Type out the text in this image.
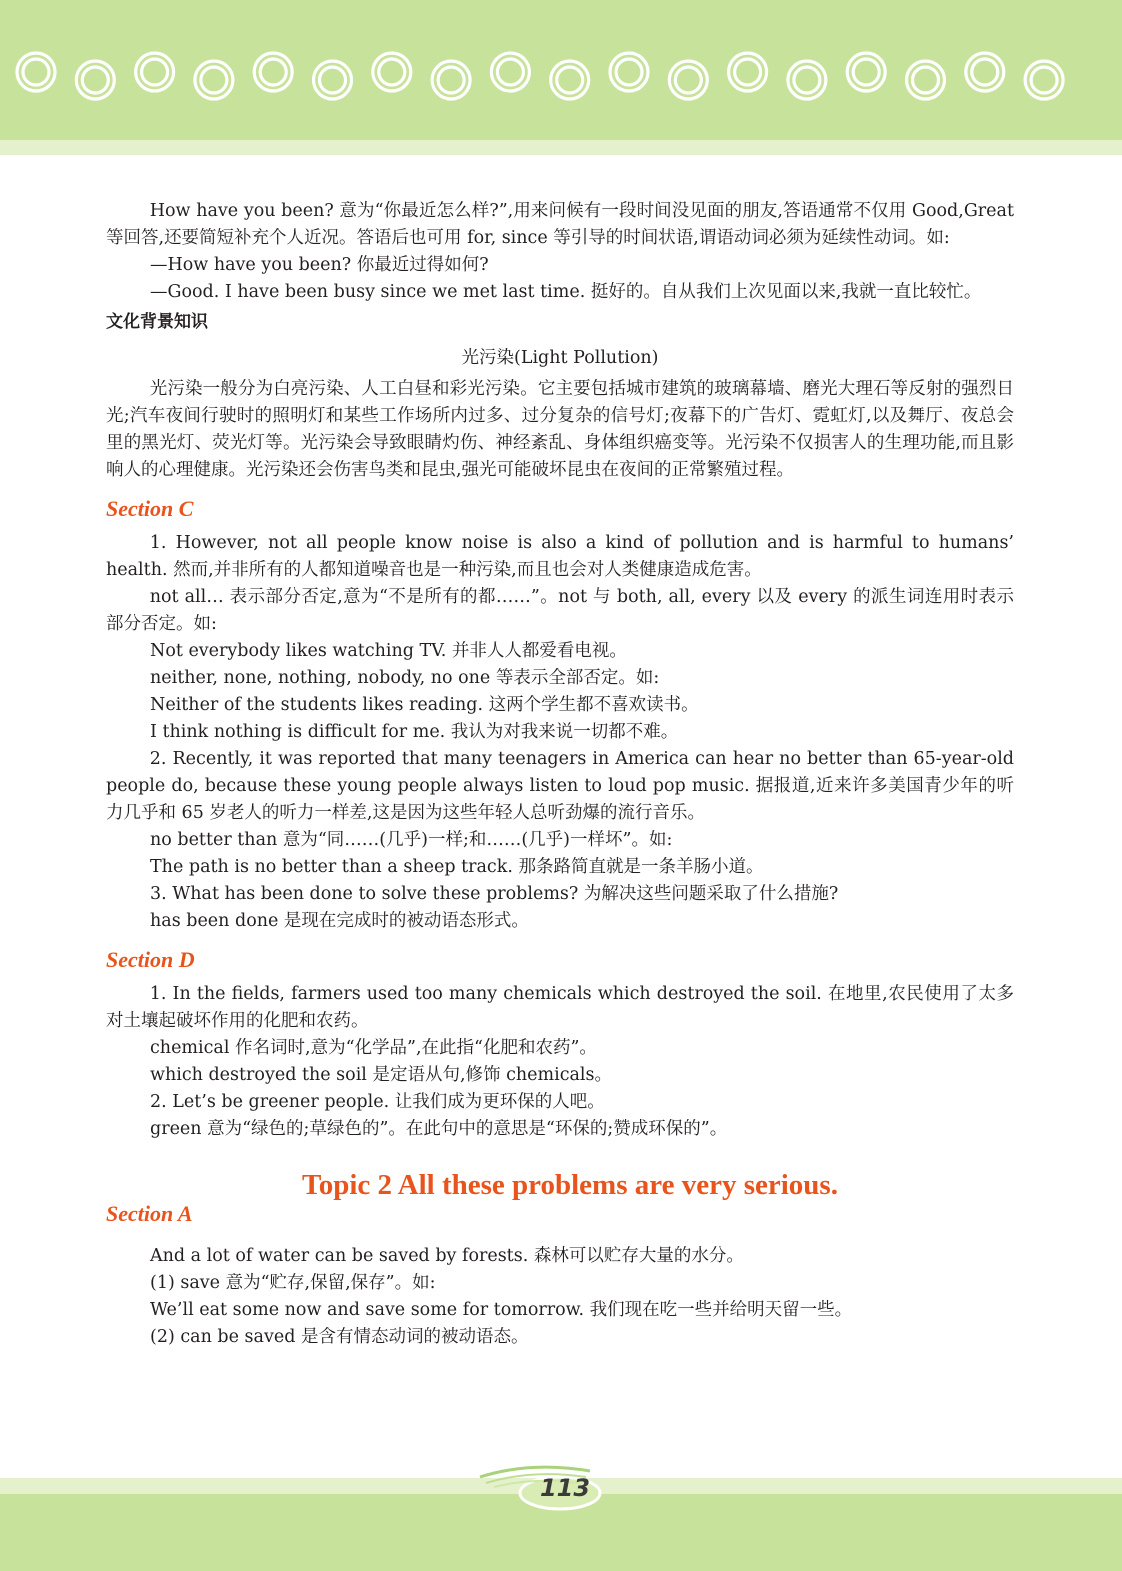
How have you been? 意为“你最近怎么样?”,用来问候有一段时间没见面的朋友,答语通常不仅用 Good,Great 等回答,还要简短补充个人近况。答语后也可用 for, since 等引导的时间状语,谓语动词必须为延续性动词。如:

—How have you been? 你最近过得如何?

—Good. I have been busy since we met last time. 挺好的。自从我们上次见面以来,我就一直比较忙。

文化背景知识

光污染(Light Pollution)

光污染一般分为白亮污染、人工白昼和彩光污染。它主要包括城市建筑的玻璃幕墙、磨光大理石等反射的强烈日光;汽车夜间行驶时的照明灯和某些工作场所内过多、过分复杂的信号灯;夜幕下的广告灯、霓虹灯,以及舞厅、夜总会里的黑光灯、荧光灯等。光污染会导致眼睛灼伤、神经紊乱、身体组织癌变等。光污染不仅损害人的生理功能,而且影响人的心理健康。光污染还会伤害鸟类和昆虫,强光可能破坏昆虫在夜间的正常繁殖过程。

Section C

1. However, not all people know noise is also a kind of pollution and is harmful to humans’ health. 然而,并非所有的人都知道噪音也是一种污染,而且也会对人类健康造成危害。

not all… 表示部分否定,意为“不是所有的都……”。not 与 both, all, every 以及 every 的派生词连用时表示部分否定。如:

Not everybody likes watching TV. 并非人人都爱看电视。

neither, none, nothing, nobody, no one 等表示全部否定。如:

Neither of the students likes reading. 这两个学生都不喜欢读书。

I think nothing is difficult for me. 我认为对我来说一切都不难。

2. Recently, it was reported that many teenagers in America can hear no better than 65-year-old people do, because these young people always listen to loud pop music. 据报道,近来许多美国青少年的听力几乎和 65 岁老人的听力一样差,这是因为这些年轻人总听劲爆的流行音乐。

no better than 意为“同……(几乎)一样;和……(几乎)一样坏”。如:

The path is no better than a sheep track. 那条路简直就是一条羊肠小道。

3. What has been done to solve these problems? 为解决这些问题采取了什么措施?

has been done 是现在完成时的被动语态形式。

Section D

1. In the fields, farmers used too many chemicals which destroyed the soil. 在地里,农民使用了太多对土壤起破坏作用的化肥和农药。

chemical 作名词时,意为“化学品”,在此指“化肥和农药”。

which destroyed the soil 是定语从句,修饰 chemicals。

2. Let’s be greener people. 让我们成为更环保的人吧。

green 意为“绿色的;草绿色的”。在此句中的意思是“环保的;赞成环保的”。

Topic 2 All these problems are very serious.

Section A

And a lot of water can be saved by forests. 森林可以贮存大量的水分。

(1) save 意为“贮存,保留,保存”。如:

We’ll eat some now and save some for tomorrow. 我们现在吃一些并给明天留一些。

(2) can be saved 是含有情态动词的被动语态。

113
